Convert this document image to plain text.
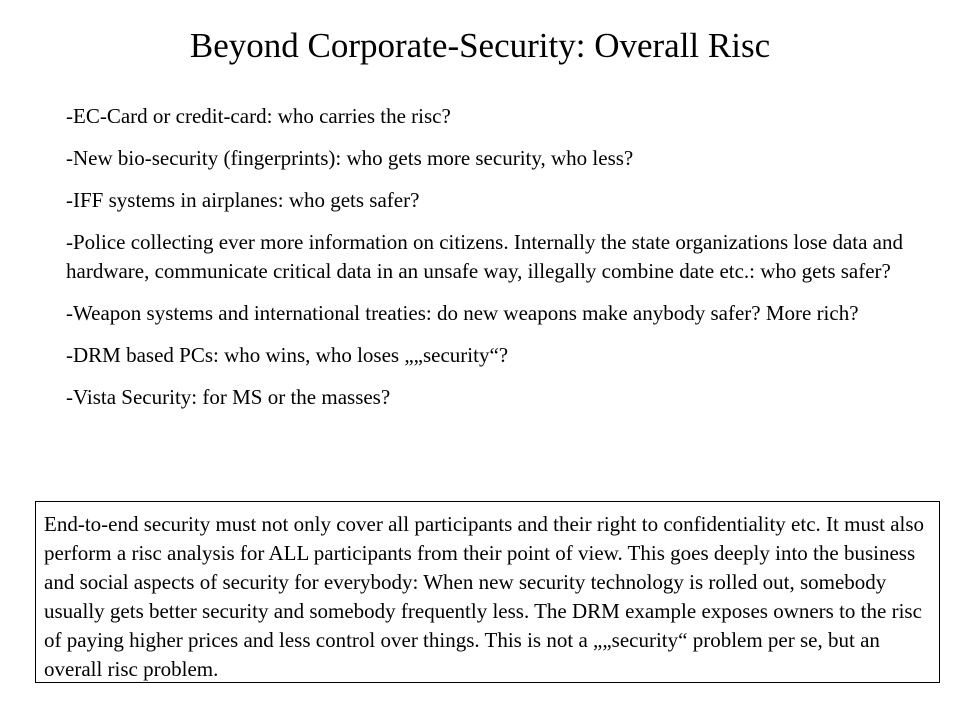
Beyond Corporate-Security: Overall Risc
-EC-Card or credit-card: who carries the risc?
-New bio-security (fingerprints): who gets more security, who less?
-IFF systems in airplanes: who gets safer?
-Police collecting ever more information on citizens. Internally the state organizations lose data and hardware, communicate critical data in an unsafe way, illegally combine date etc.: who gets safer?
-Weapon systems and international treaties: do new weapons make anybody safer? More rich?
-DRM based PCs: who wins, who loses „„security“?
-Vista Security: for MS or the masses?
End-to-end security must not only cover all participants and their right to confidentiality etc. It must also perform a risc analysis for ALL participants from their point of view. This goes deeply into the business and social aspects of security for everybody: When new security technology is rolled out, somebody usually gets better security and somebody frequently less. The DRM example exposes owners to the risc of paying higher prices and less control over things. This is not a „„security“ problem per se, but an overall risc problem.
